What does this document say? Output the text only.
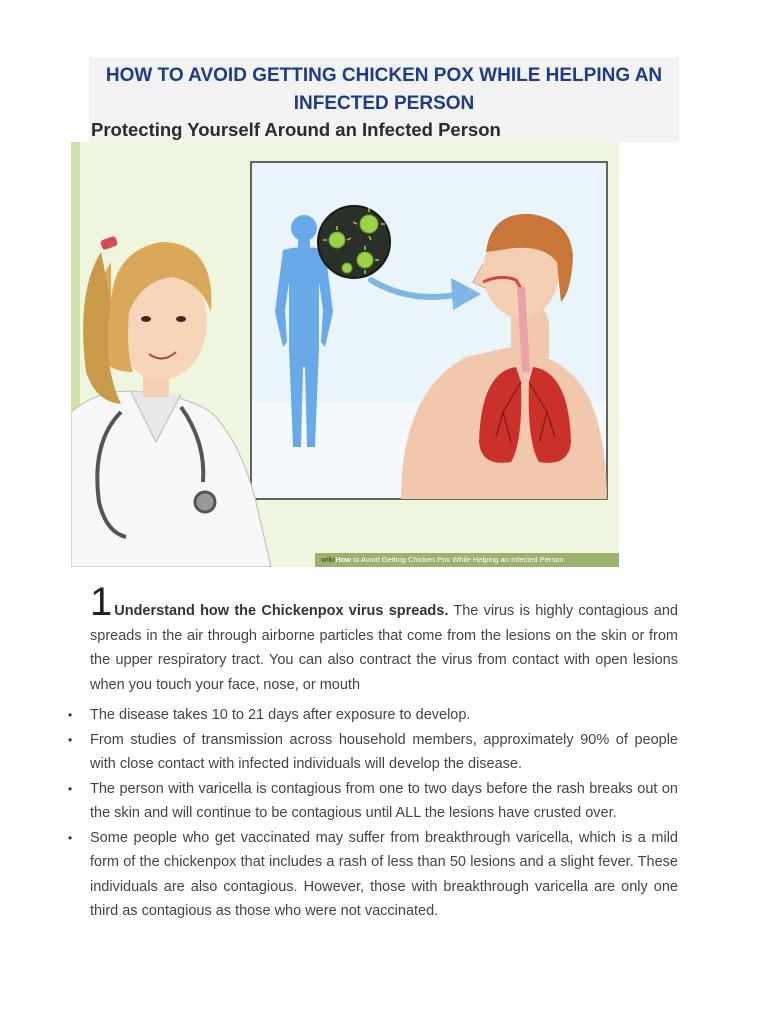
HOW TO AVOID GETTING CHICKEN POX WHILE HELPING AN INFECTED PERSON
Protecting Yourself Around an Infected Person
wikiHow to Avoid Getting Chicken Pox While Helping an Infected Person
1 Understand how the Chickenpox virus spreads. The virus is highly contagious and spreads in the air through airborne particles that come from the lesions on the skin or from the upper respiratory tract. You can also contract the virus from contact with open lesions when you touch your face, nose, or mouth
• The disease takes 10 to 21 days after exposure to develop.
• From studies of transmission across household members, approximately 90% of people with close contact with infected individuals will develop the disease.
• The person with varicella is contagious from one to two days before the rash breaks out on the skin and will continue to be contagious until ALL the lesions have crusted over.
• Some people who get vaccinated may suffer from breakthrough varicella, which is a mild form of the chickenpox that includes a rash of less than 50 lesions and a slight fever. These individuals are also contagious. However, those with breakthrough varicella are only one third as contagious as those who were not vaccinated.
